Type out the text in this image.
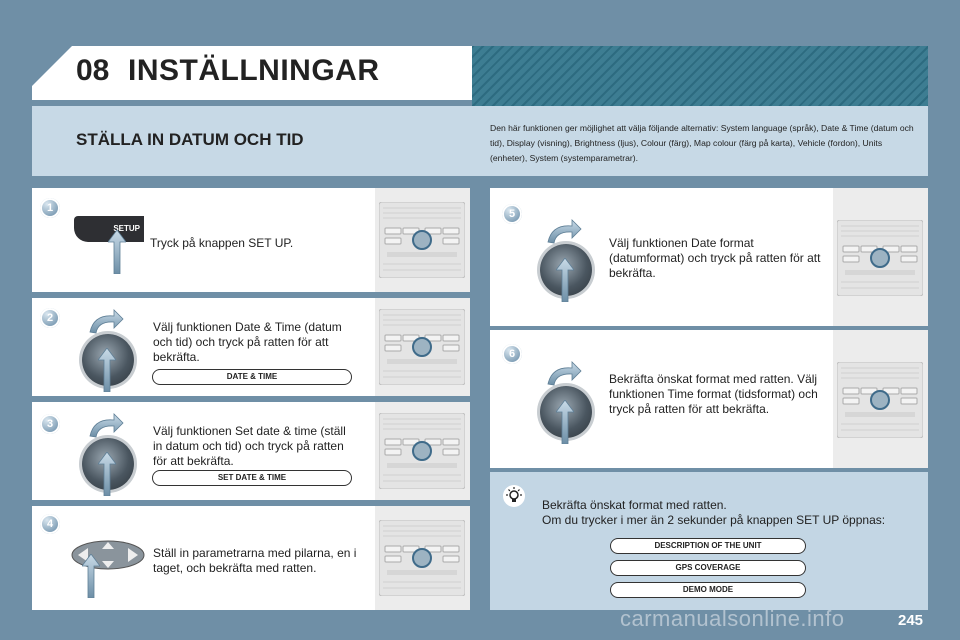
08 INSTÄLLNINGAR
STÄLLA IN DATUM OCH TID
Den här funktionen ger möjlighet att välja följande alternativ: System language (språk), Date & Time (datum och tid), Display (visning), Brightness (ljus), Colour (färg), Map colour (färg på karta), Vehicle (fordon), Units (enheter), System (systemparametrar).
1
SETUP
Tryck på knappen SET UP.
2
Välj funktionen Date & Time (datum och tid) och tryck på ratten för att bekräfta.
DATE & TIME
3	Välj funktionen Set date & time (ställ in datum och tid) och tryck på ratten för att bekräfta.
SET DATE & TIME
4
Ställ in parametrarna med pilarna, en i taget, och bekräfta med ratten.
5
Välj funktionen Date format (datumformat) och tryck på ratten för att bekräfta.
6
Bekräfta önskat format med ratten. Välj funktionen Time format (tidsformat) och tryck på ratten för att bekräfta.
Bekräfta önskat format med ratten.
Om du trycker i mer än 2 sekunder på knappen SET UP öppnas:
DESCRIPTION OF THE UNIT
GPS COVERAGE
DEMO MODE
carmanualsonline.info	245
